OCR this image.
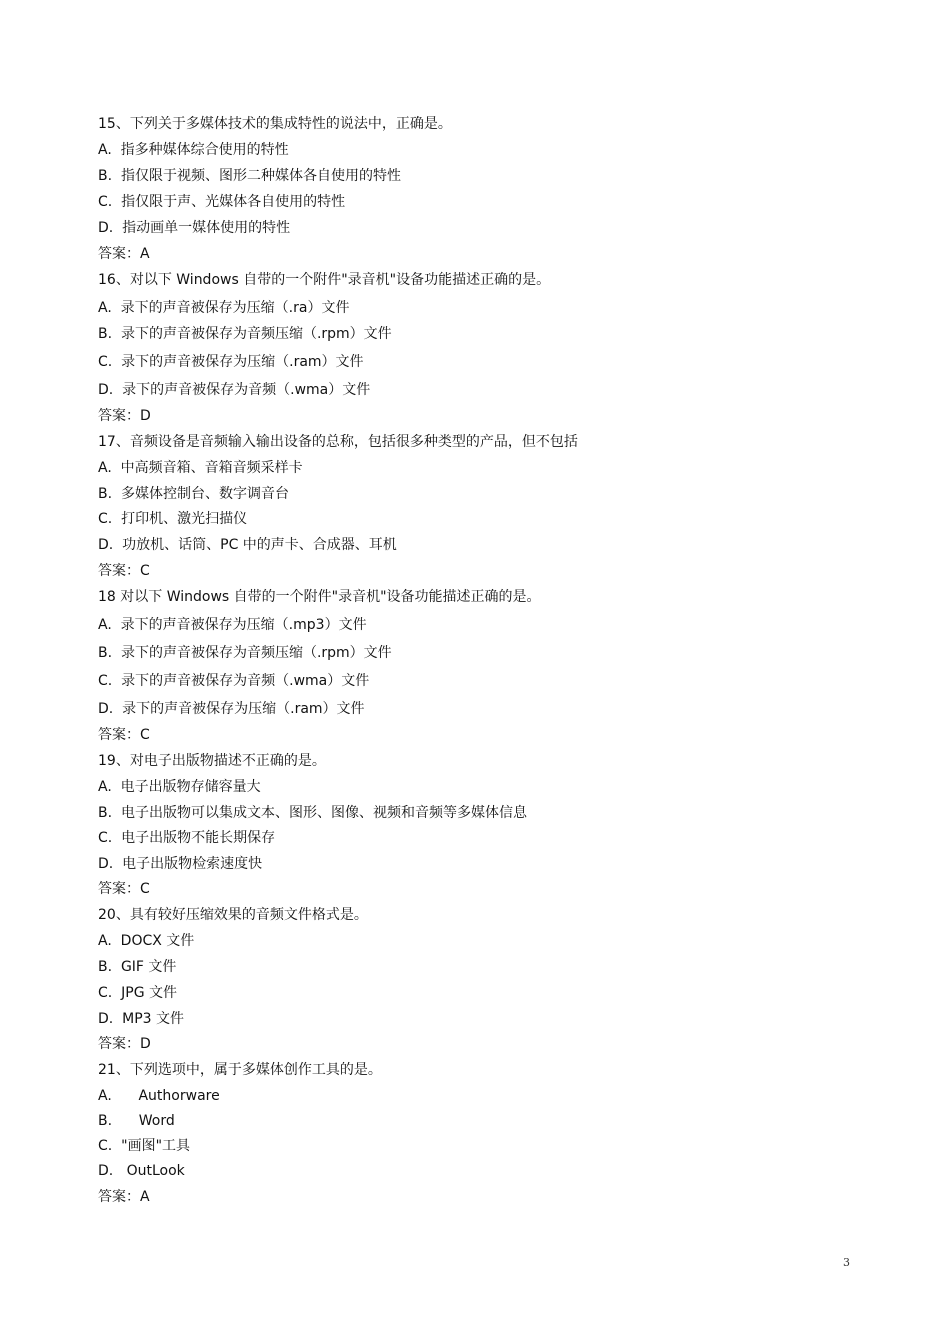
15、下列关于多媒体技术的集成特性的说法中，正确是。
A.  指多种媒体综合使用的特性
B.  指仅限于视频、图形二种媒体各自使用的特性
C.  指仅限于声、光媒体各自使用的特性
D.  指动画单一媒体使用的特性
答案：A
16、对以下 Windows 自带的一个附件"录音机"设备功能描述正确的是。
A.  录下的声音被保存为压缩（.ra）文件
B.  录下的声音被保存为音频压缩（.rpm）文件
C.  录下的声音被保存为压缩（.ram）文件
D.  录下的声音被保存为音频（.wma）文件
答案：D
17、音频设备是音频输入输出设备的总称，包括很多种类型的产品，但不包括
A.  中高频音箱、音箱音频采样卡
B.  多媒体控制台、数字调音台
C.  打印机、激光扫描仪
D.  功放机、话筒、PC 中的声卡、合成器、耳机
答案：C
18 对以下 Windows 自带的一个附件"录音机"设备功能描述正确的是。
A.  录下的声音被保存为压缩（.mp3）文件
B.  录下的声音被保存为音频压缩（.rpm）文件
C.  录下的声音被保存为音频（.wma）文件
D.  录下的声音被保存为压缩（.ram）文件
答案：C
19、对电子出版物描述不正确的是。
A.  电子出版物存储容量大
B.  电子出版物可以集成文本、图形、图像、视频和音频等多媒体信息
C.  电子出版物不能长期保存
D.  电子出版物检索速度快
答案：C
20、具有较好压缩效果的音频文件格式是。
A.  DOCX 文件
B.  GIF 文件
C.  JPG 文件
D.  MP3 文件
答案：D
21、下列选项中，属于多媒体创作工具的是。
A.      Authorware
B.      Word
C.  "画图"工具
D.   OutLook
答案：A
3
